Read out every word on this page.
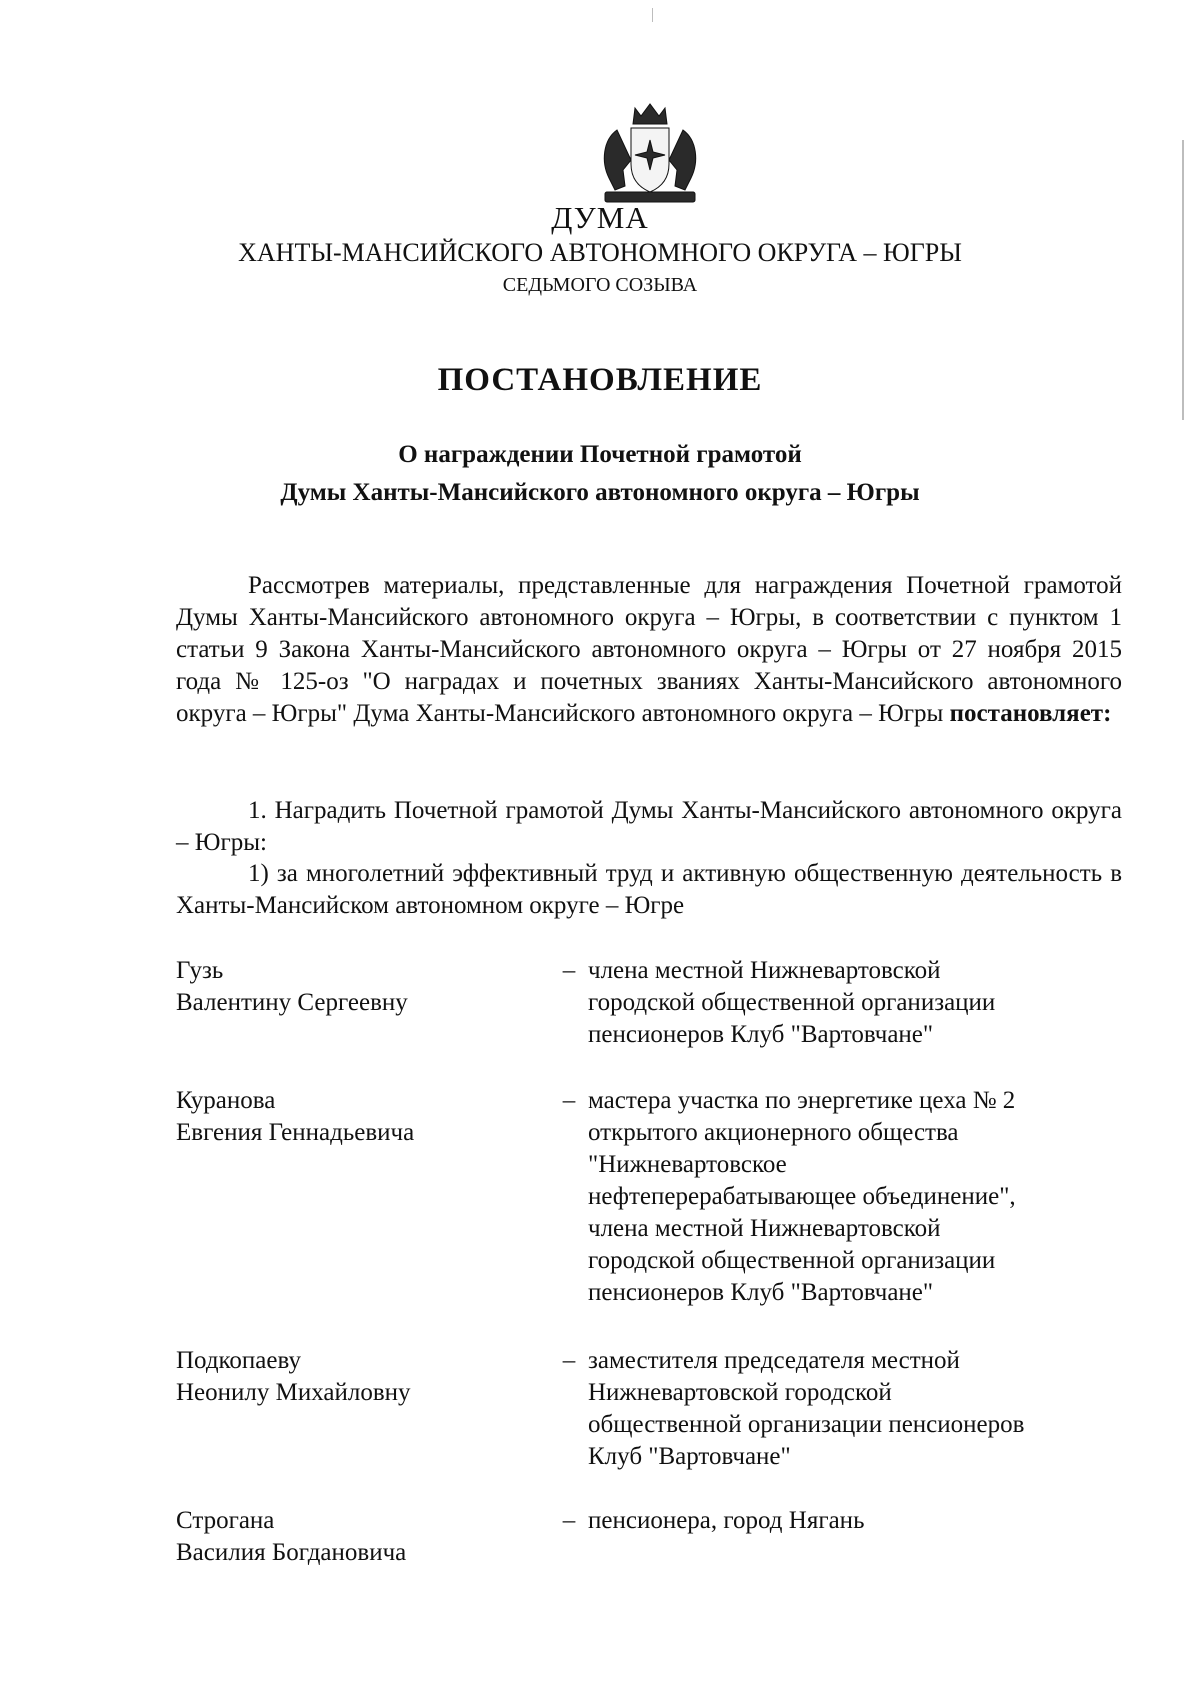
ДУМА
ХАНТЫ-МАНСИЙСКОГО АВТОНОМНОГО ОКРУГА – ЮГРЫ
СЕДЬМОГО СОЗЫВА
ПОСТАНОВЛЕНИЕ
О награждении Почетной грамотой
Думы Ханты-Мансийского автономного округа – Югры
Рассмотрев материалы, представленные для награждения Почетной грамотой Думы Ханты-Мансийского автономного округа – Югры, в соответствии с пунктом 1 статьи 9 Закона Ханты-Мансийского автономного округа – Югры от 27 ноября 2015 года № 125-оз "О наградах и почетных званиях Ханты-Мансийского автономного округа – Югры" Дума Ханты-Мансийского автономного округа – Югры постановляет:
1. Наградить Почетной грамотой Думы Ханты-Мансийского автономного округа – Югры:
1) за многолетний эффективный труд и активную общественную деятельность в Ханты-Мансийском автономном округе – Югре
Гузь
Валентину Сергеевну
– члена местной Нижневартовской
городской общественной организации
пенсионеров Клуб "Вартовчане"
Куранова
Евгения Геннадьевича
– мастера участка по энергетике цеха № 2
открытого акционерного общества
"Нижневартовское
нефтеперерабатывающее объединение",
члена местной Нижневартовской
городской общественной организации
пенсионеров Клуб "Вартовчане"
Подкопаеву
Неонилу Михайловну
– заместителя председателя местной
Нижневартовской городской
общественной организации пенсионеров
Клуб "Вартовчане"
Строгана
Василия Богдановича
– пенсионера, город Нягань
